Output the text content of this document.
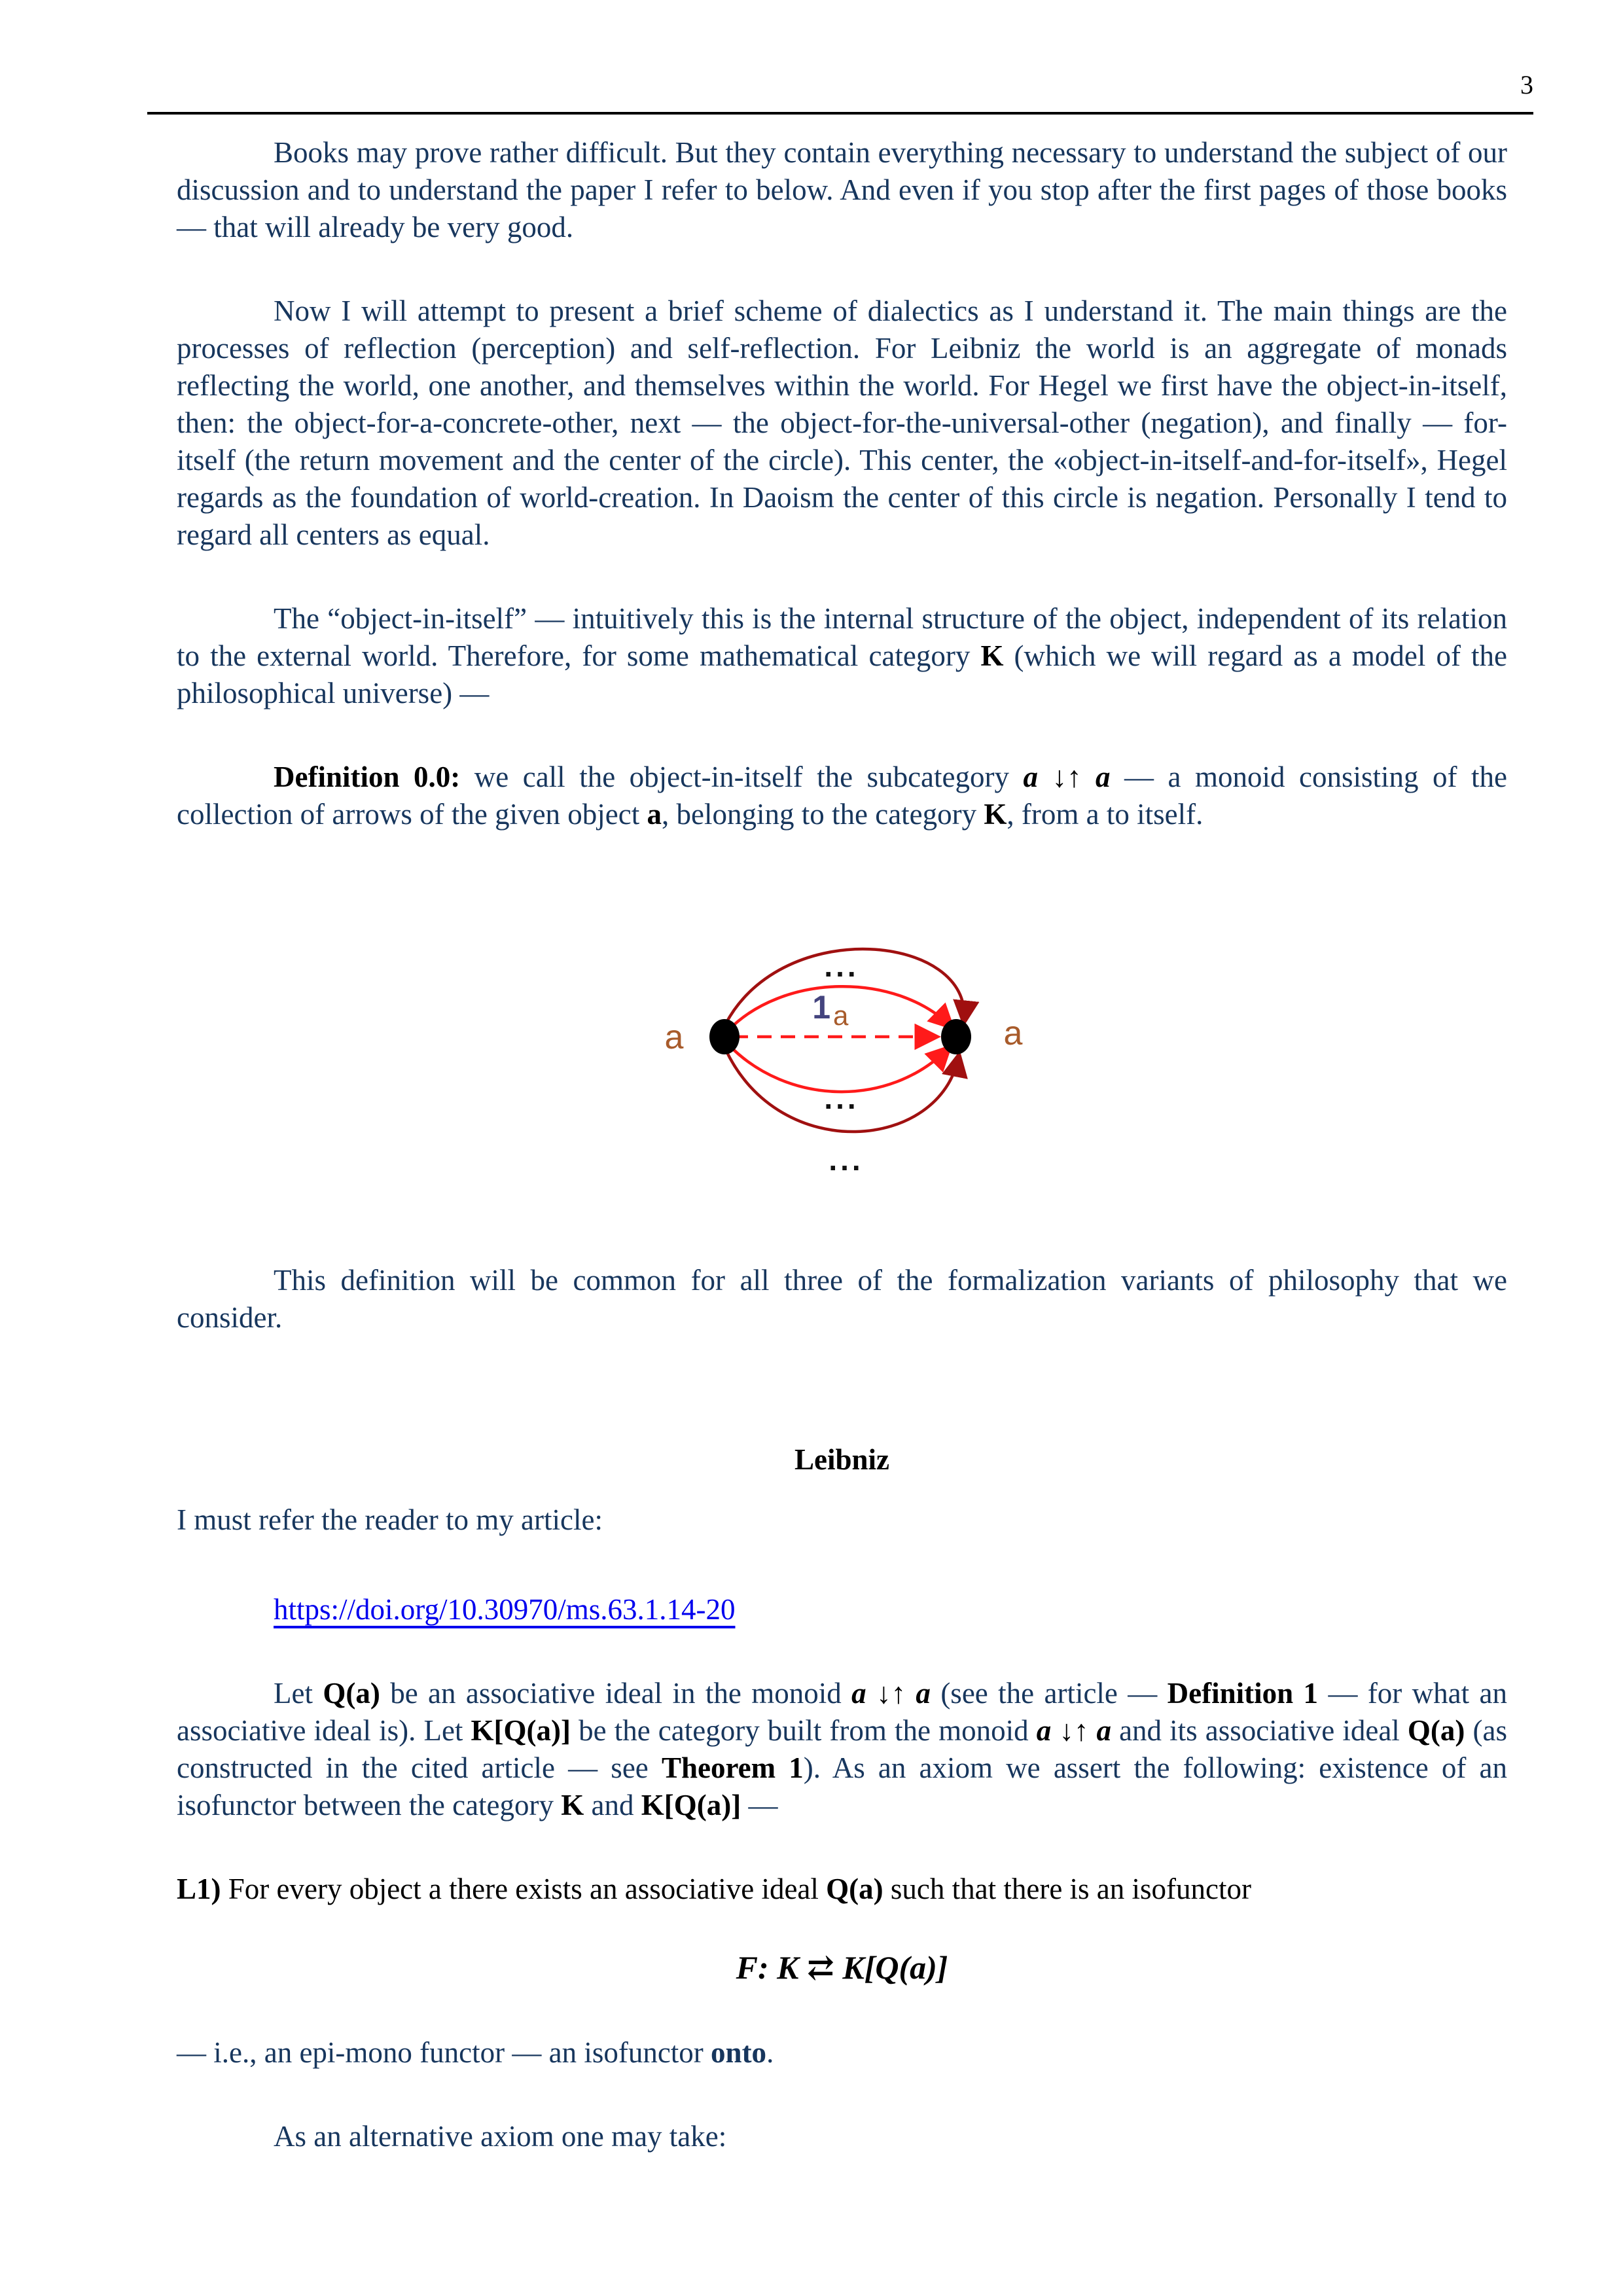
3
Books may prove rather difficult. But they contain everything necessary to understand the subject of our discussion and to understand the paper I refer to below. And even if you stop after the first pages of those books — that will already be very good.
Now I will attempt to present a brief scheme of dialectics as I understand it. The main things are the processes of reflection (perception) and self-reflection. For Leibniz the world is an aggregate of monads reflecting the world, one another, and themselves within the world. For Hegel we first have the object-in-itself, then: the object-for-a-concrete-other, next — the object-for-the-universal-other (negation), and finally — for-itself (the return movement and the center of the circle). This center, the «object-in-itself-and-for-itself», Hegel regards as the foundation of world-creation. In Daoism the center of this circle is negation. Personally I tend to regard all centers as equal.
The “object-in-itself” — intuitively this is the internal structure of the object, independent of its relation to the external world. Therefore, for some mathematical category K (which we will regard as a model of the philosophical universe) —
Definition 0.0: we call the object-in-itself the subcategory a ↓↑ a — a monoid consisting of the collection of arrows of the given object a, belonging to the category K, from a to itself.
a	a
1 a
...
...
...
This definition will be common for all three of the formalization variants of philosophy that we consider.
Leibniz
I must refer the reader to my article:
https://doi.org/10.30970/ms.63.1.14-20
Let Q(a) be an associative ideal in the monoid a ↓↑ a (see the article — Definition 1 — for what an associative ideal is). Let K[Q(a)] be the category built from the monoid a ↓↑ a and its associative ideal Q(a) (as constructed in the cited article — see Theorem 1). As an axiom we assert the following: existence of an isofunctor between the category K and K[Q(a)] —
L1) For every object a there exists an associative ideal Q(a) such that there is an isofunctor
F: K ⇄ K[Q(a)]
— i.e., an epi-mono functor — an isofunctor onto.
As an alternative axiom one may take:
